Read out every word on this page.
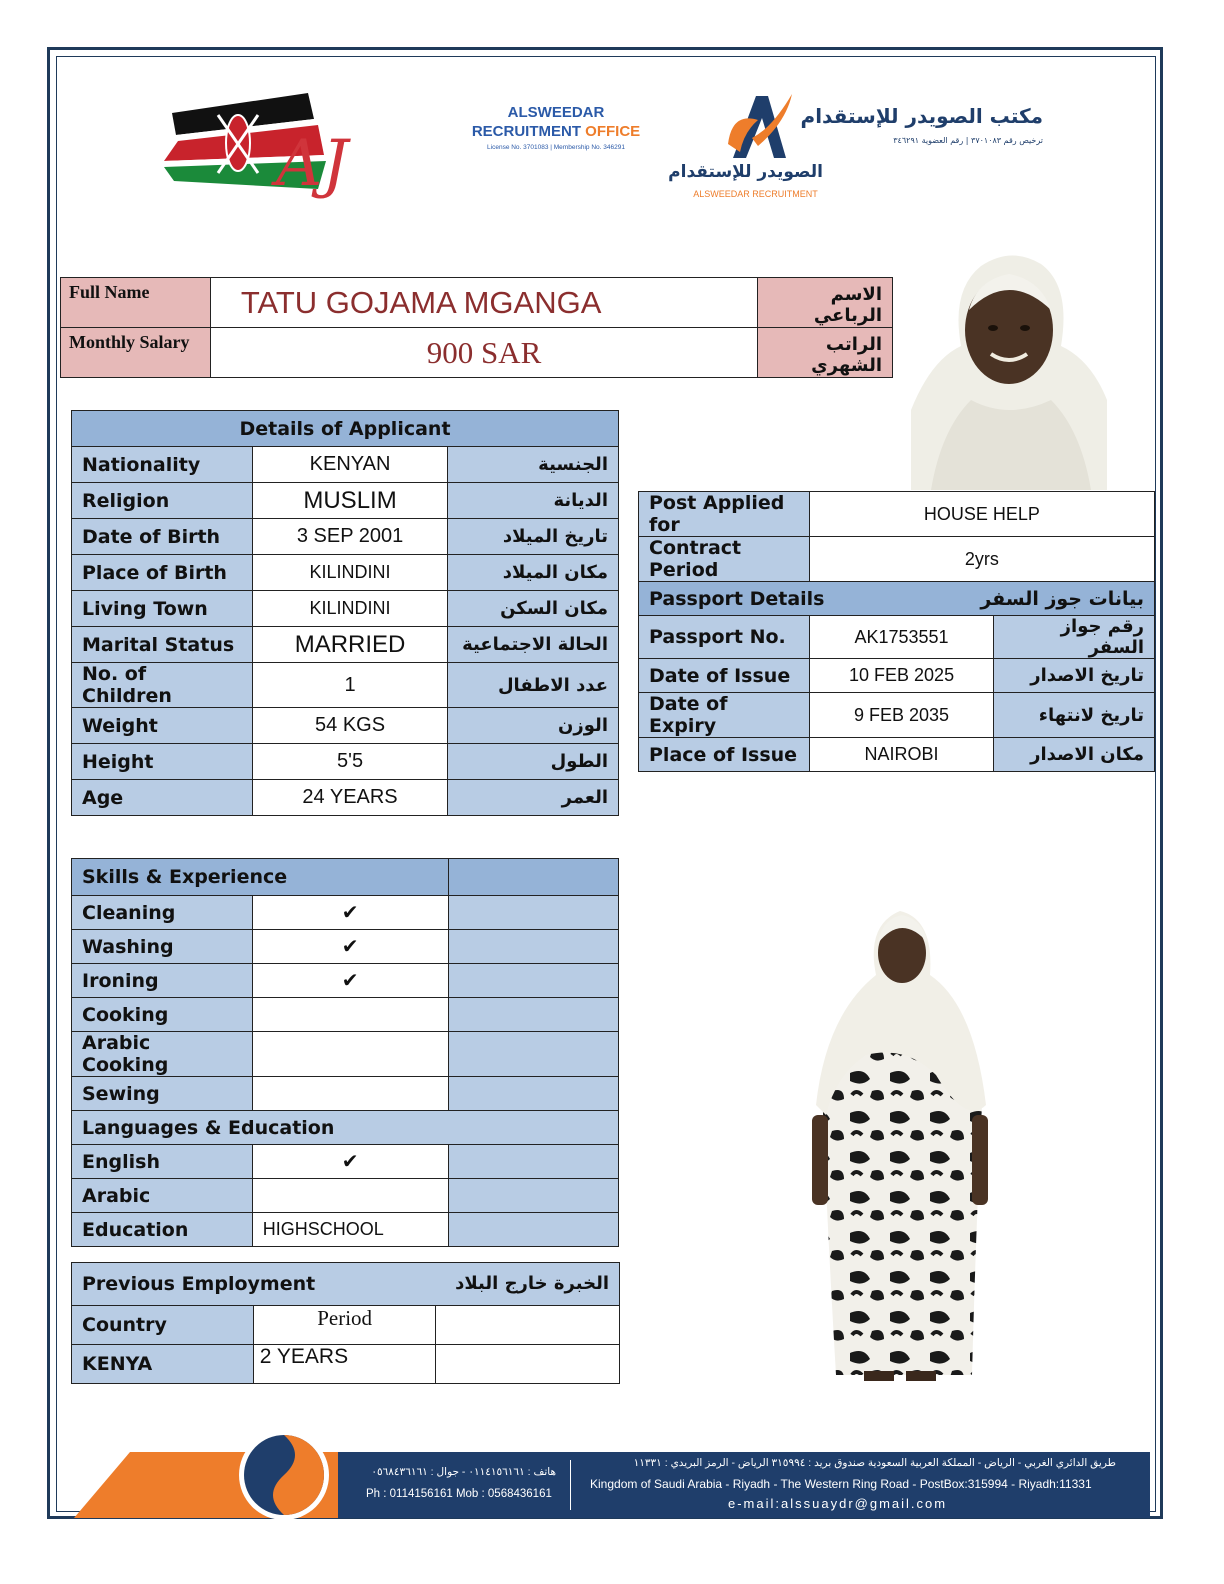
AJ
ALSWEEDAR
RECRUITMENT OFFICE
License No. 3701083 | Membership No. 346291
الصويدر للإستقدام
ALSWEEDAR RECRUITMENT
مكتب الصويدر للإستقدام
ترخيص رقم ٣٧٠١٠٨٣ | رقم العضوية ٣٤٦٢٩١
Full Name	TATU GOJAMA MGANGA	الاسم الرباعي
Monthly Salary	900 SAR	الراتب الشهري
Details of Applicant		
Nationality	KENYAN	الجنسية
Religion	MUSLIM	الديانة
Date of Birth	3 SEP 2001	تاريخ الميلاد
Place of Birth	KILINDINI	مكان الميلاد
Living Town	KILINDINI	مكان السكن
Marital Status	MARRIED	الحالة الاجتماعية
No. of Children	1	عدد الاطفال
Weight	54 KGS	الوزن
Height	5'5	الطول
Age	24 YEARS	العمر
Post Applied for	HOUSE HELP	
Contract Period	2yrs	
Passport Details بيانات جوز السفر		

Passport No.	AK1753551	رقم جواز السفر
Date of Issue	10 FEB 2025	تاريخ الاصدار
Date of Expiry	9 FEB 2035	تاريخ لانتهاء
Place of Issue	NAIROBI	مكان الاصدار
Skills & Experience		
Cleaning	✔	
Washing	✔	
Ironing	✔	
Cooking		
Arabic Cooking		
Sewing		
Languages & Education		
English	✔	
Arabic		
Education	HIGHSCHOOL	
Previous Employment الخبرة خارج البلاد		

Country	Period	
KENYA	2 YEARS	
هاتف : ٠١١٤١٥٦١٦١ - جوال : ٠٥٦٨٤٣٦١٦١
Ph : 0114156161 Mob : 0568436161
طريق الدائري الغربي - الرياض - المملكة العربية السعودية صندوق بريد : ٣١٥٩٩٤ الرياض - الرمز البريدي : ١١٣٣١
Kingdom of Saudi Arabia - Riyadh - The Western Ring Road - PostBox:315994 - Riyadh:11331
e-mail:alssuaydr@gmail.com
